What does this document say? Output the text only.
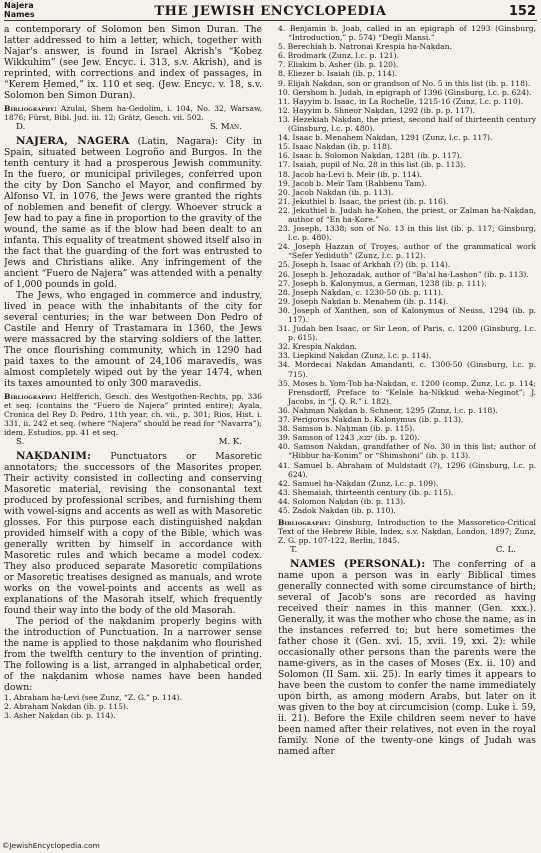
Najera
Names	THE JEWISH ENCYCLOPEDIA	152

a contemporary of Solomon ben Simon Duran. The latter addressed to him a letter, which, together with Najar's answer, is found in Israel Akrish's “Ḳobeẓ Wikkuhim” (see Jew. Encyc. i. 313, s.v. Akrish), and is reprinted, with corrections and index of passages, in “Kerem Ḥemed,” ix. 110 et seq. (Jew. Encyc. v. 18, s.v. Solomon ben Simon Duran).

Bibliography: Azulai, Shem ha-Gedolim, i. 104, No. 32, Warsaw, 1876; Fürst, Bibl. Jud. iii. 12; Grätz, Gesch. vii. 502.
D.	S. Man.

NAJERA, NAGERA (Latin, Nagara): City in Spain, situated between Logroño and Burgos. In the tenth century it had a prosperous Jewish community. In the fuero, or municipal privileges, conferred upon the city by Don Sancho el Mayor, and confirmed by Alfonso VI. in 1076, the Jews were granted the rights of noblemen and benefit of clergy. Whoever struck a Jew had to pay a fine in proportion to the gravity of the wound, the same as if the blow had been dealt to an infanta. This equality of treatment showed itself also in the fact that the guarding of the fort was entrusted to Jews and Christians alike. Any infringement of the ancient “Fuero de Najera” was attended with a penalty of 1,000 pounds in gold.

The Jews, who engaged in commerce and industry, lived in peace with the inhabitants of the city for several centuries; in the war between Don Pedro of Castile and Henry of Trastamara in 1360, the Jews were massacred by the starving soldiers of the latter. The once flourishing community, which in 1290 had paid taxes to the amount of 24,106 maravedis, was almost completely wiped out by the year 1474, when its taxes amounted to only 300 maravedis.

Bibliography: Helfferich, Gesch. des Westgothen-Rechts, pp. 336 et seq. (contains the “Fuero de Najera” printed entire); Ayala, Cronica del Rey D. Pedro, 11th year, ch. vii., p. 301; Rios, Hist. i. 331, ii. 242 et seq. (where “Najera” should be read for “Navarra”); idem, Estudios, pp. 41 et seq.
S.	M. K.

NAḲDANIM: Punctuators or Masoretic annotators; the successors of the Masorites proper. Their activity consisted in collecting and conserving Masoretic material, revising the consonantal text produced by professional scribes, and furnishing them with vowel-signs and accents as well as with Masoretic glosses. For this purpose each distinguished naḳdan provided himself with a copy of the Bible, which was generally written by himself in accordance with Masoretic rules and which became a model codex. They also produced separate Masoretic compilations or Masoretic treatises designed as manuals, and wrote works on the vowel-points and accents as well as explanations of the Masorah itself, which frequently found their way into the body of the old Masorah.

The period of the naḳdanim properly begins with the introduction of Punctuation. In a narrower sense the name is applied to those naḳdanim who flourished from the twelfth century to the invention of printing. The following is a list, arranged in alphabetical order, of the naḳdanim whose names have been handed down:

1. Abraham ha-Levi (see Zunz, “Z. G.” p. 114).
2. Abraham Naḳdan (ib. p. 115).
3. Asher Naḳdan (ib. p. 114).
4. Benjamin b. Joab, called in an epigraph of 1293 (Ginsburg, “Introduction,” p. 574) “Degli Mansi.”
5. Berechiah b. Natronai Krespia ha-Naḳdan.
6. Brodmark (Zunz, l.c. p. 121).
7. Eliakim b. Asher (ib. p. 120).
8. Eliezer b. Isaiah (ib. p. 114).
9. Elijah Naḳdan, son or grandson of No. 5 in this list (ib. p. 118).
10. Gershom b. Judah, in epigraph of 1396 (Ginsburg, l.c. p. 624).
11. Ḥayyim b. Isaac, in La Rochelle, 1215-16 (Zunz, l.c. p. 110).
12. Ḥayyim b. Shneor Naḳdan, 1292 (ib. p. p. 117).
13. Hezekiah Naḳdan, the priest, second half of thirteenth century (Ginsburg, l.c. p. 480).
14. Isaac b. Menahem Naḳdan, 1291 (Zunz, l.c. p. 117).
15. Isaac Naḳdan (ib. p. 118).
16. Isaac b. Solomon Naḳdan, 1281 (ib. p. 117).
17. Isaiah, pupil of No. 28 in this list (ib. p. 113).
18. Jacob ha-Levi b. Meir (ib. p. 114).
19. Jacob b. Meïr Tam (Rabbenu Tam).
20. Jacob Naḳdan (ib. p. 113).
21. Jekuthiel b. Isaac, the priest (ib. p. 116).
22. Jekuthiel b. Judah ha-Kohen, the priest, or Zalman ha-Naḳdan, author of “En ha-Ḳore.”
23. Joseph, 1338; son of No. 13 in this list (ib. p. 117; Ginsburg, l.c. p. 480).
24. Joseph Ḥazzan of Troyes, author of the grammatical work “Sefer Yediduth” (Zunz, l.c. p. 112).
25. Joseph b. Isaac of Arkhah (?) (ib. p. 114).
26. Joseph b. Jehozadak, author of “Ba'al ha-Lashon” (ib. p. 113).
27. Joseph b. Kalonymus, a German, 1238 (ib. p. 111).
28. Joseph Naḳdan, c. 1230-50 (ib. p. 111).
29. Joseph Naḳdan b. Menahem (ib. p. 114).
30. Joseph of Xanthen, son of Kalonymus of Neuss, 1294 (ib. p. 117).
31. Judah ben Isaac, or Sir Leon, of Paris, c. 1200 (Ginsburg, l.c. p. 615).
32. Krespia Naḳdan.
33. Liepkind Naḳdan (Zunz, l.c. p. 114).
34. Mordecai Naḳdan Amandanti, c. 1300-50 (Ginsburg, l.c. p. 715).
35. Moses b. Yom-Tob ha-Naḳdan, c. 1200 (comp. Zunz, l.c. p. 114; Frensdorff, Preface to “Kelale ha-Niḳḳud weha-Neginot”; J. Jacobs, in “J. Q. R.” i. 182).
36. Naḥman Naḳdan b. Schneor, 1295 (Zunz, l.c. p. 118).
37. Perigoros Naḳdan b. Kalonymus (ib. p. 113).
38. Samson b. Naḥman (ib. p. 115).
39. Samson of יסנא, 1243 (ib. p. 120).
40. Samson Naḳdan, grandfather of No. 30 in this list; author of “Ḥibbur ha-Ḳonim” or “Shimshoni” (ib. p. 113).
41. Samuel b. Abraham of Muldstadt (?), 1296 (Ginsburg, l.c. p. 624).
42. Samuel ha-Naḳdan (Zunz, l.c. p. 109).
43. Shemaiah, thirteenth century (ib. p. 115).
44. Solomon Naḳdan (ib. p. 113).
45. Zadok Naḳdan (ib. p. 110).
Bibliography: Ginsburg, Introduction to the Massoretico-Critical Text of the Hebrew Bible, Index, s.v. Naḳdan, London, 1897; Zunz, Z. G. pp. 107-122, Berlin, 1845.
T.	C. L.

NAMES (PERSONAL): The conferring of a name upon a person was in early Biblical times generally connected with some circumstance of birth; several of Jacob's sons are recorded as having received their names in this manner (Gen. xxx.). Generally, it was the mother who chose the name, as in the instances referred to; but here sometimes the father chose it (Gen. xvi. 15, xvii. 19, xxi. 2): while occasionally other persons than the parents were the name-givers, as in the cases of Moses (Ex. ii. 10) and Solomon (II Sam. xii. 25). In early times it appears to have been the custom to confer the name immediately upon birth, as among modern Arabs, but later on it was given to the boy at circumcision (comp. Luke i. 59, ii. 21). Before the Exile children seem never to have been named after their relatives, not even in the royal family. None of the twenty-one kings of Judah was named after

©JewishEncyclopedia.com
